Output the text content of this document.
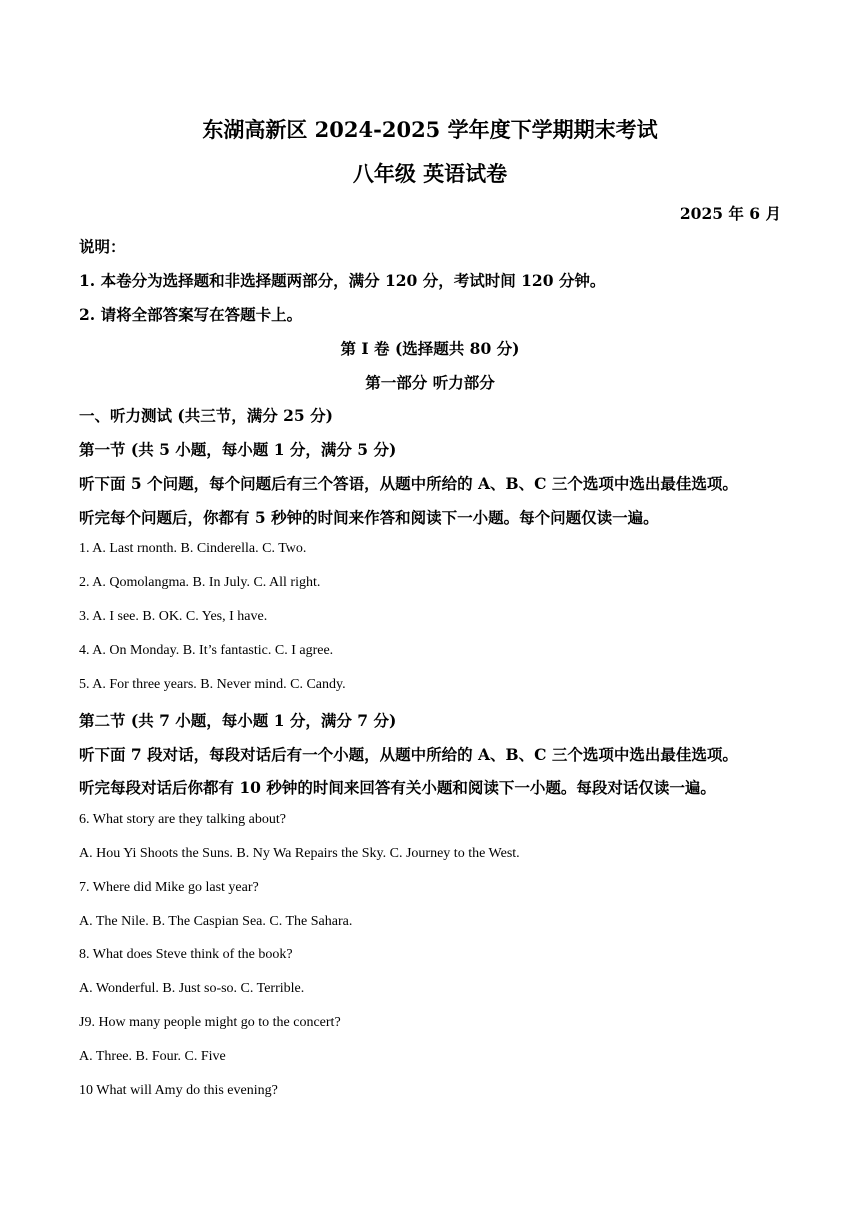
东湖高新区 2024-2025 学年度下学期期末考试
八年级 英语试卷
2025 年 6 月
说明：
1. 本卷分为选择题和非选择题两部分，满分 120 分，考试时间 120 分钟。
2. 请将全部答案写在答题卡上。
第 I 卷 (选择题共 80 分)
第一部分 听力部分
一、听力测试 (共三节，满分 25 分)
第一节 (共 5 小题，每小题 1 分，满分 5 分)
听下面 5 个问题，每个问题后有三个答语，从题中所给的 A、B、C 三个选项中选出最佳选项。
听完每个问题后，你都有 5 秒钟的时间来作答和阅读下一小题。每个问题仅读一遍。
1. A. Last rnonth. B. Cinderella. C. Two.
2. A. Qomolangma. B. In July. C. All right.
3. A. I see. B. OK. C. Yes, I have.
4. A. On Monday. B. It’s fantastic. C. I agree.
5. A. For three years. B. Never mind. C. Candy.
第二节 (共 7 小题，每小题 1 分，满分 7 分)
听下面 7 段对话，每段对话后有一个小题，从题中所给的 A、B、C 三个选项中选出最佳选项。
听完每段对话后你都有 10 秒钟的时间来回答有关小题和阅读下一小题。每段对话仅读一遍。
6. What story are they talking about?
A. Hou Yi Shoots the Suns. B. Ny Wa Repairs the Sky. C. Journey to the West.
7. Where did Mike go last year?
A. The Nile. B. The Caspian Sea. C. The Sahara.
8. What does Steve think of the book?
A. Wonderful. B. Just so-so. C. Terrible.
J9. How many people might go to the concert?
A. Three. B. Four. C. Five
10 What will Amy do this evening?
